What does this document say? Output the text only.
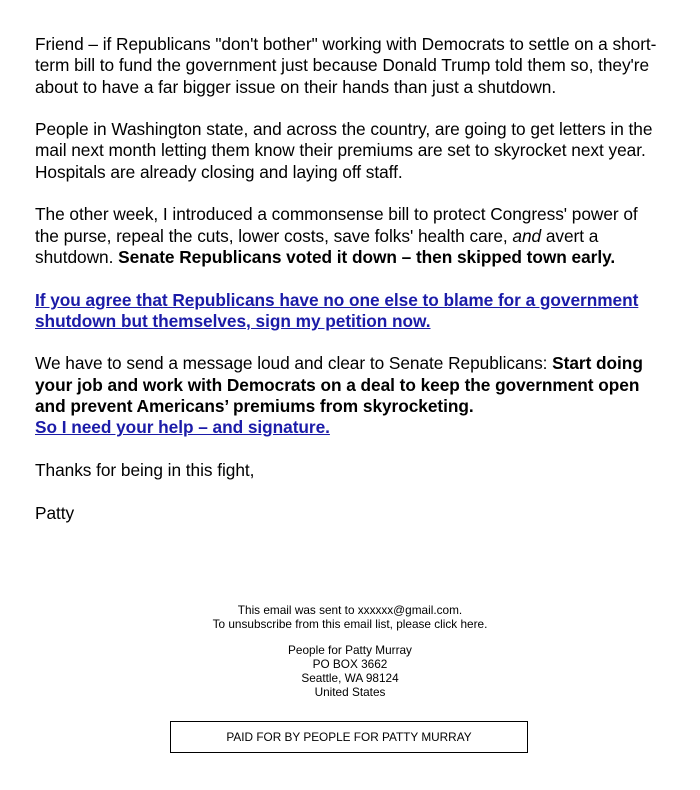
Friend – if Republicans "don't bother" working with Democrats to settle on a short-term bill to fund the government just because Donald Trump told them so, they're about to have a far bigger issue on their hands than just a shutdown.

People in Washington state, and across the country, are going to get letters in the mail next month letting them know their premiums are set to skyrocket next year. Hospitals are already closing and laying off staff.

The other week, I introduced a commonsense bill to protect Congress' power of the purse, repeal the cuts, lower costs, save folks' health care, and avert a shutdown. Senate Republicans voted it down – then skipped town early.

If you agree that Republicans have no one else to blame for a government shutdown but themselves, sign my petition now.

We have to send a message loud and clear to Senate Republicans: Start doing your job and work with Democrats on a deal to keep the government open and prevent Americans’ premiums from skyrocketing.
So I need your help – and signature.

Thanks for being in this fight,

Patty

This email was sent to xxxxxx@gmail.com.
To unsubscribe from this email list, please click here.
People for Patty Murray
PO BOX 3662
Seattle, WA 98124
United States
PAID FOR BY PEOPLE FOR PATTY MURRAY
